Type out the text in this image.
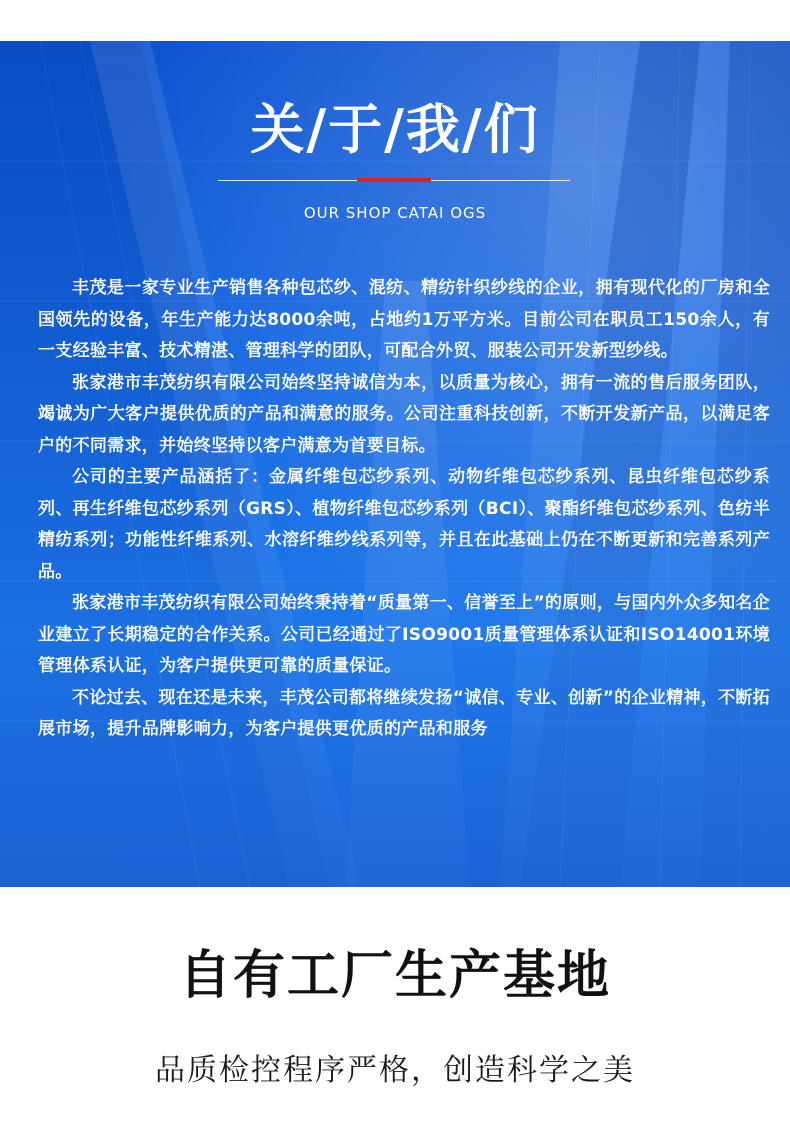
关/于/我/们
OUR SHOP CATAI OGS

丰茂是一家专业生产销售各种包芯纱、混纺、精纺针织纱线的企业，拥有现代化的厂房和全国领先的设备，年生产能力达8000余吨，占地约1万平方米。目前公司在职员工150余人，有一支经验丰富、技术精湛、管理科学的团队，可配合外贸、服装公司开发新型纱线。

张家港市丰茂纺织有限公司始终坚持诚信为本，以质量为核心，拥有一流的售后服务团队，竭诚为广大客户提供优质的产品和满意的服务。公司注重科技创新，不断开发新产品，以满足客户的不同需求，并始终坚持以客户满意为首要目标。

公司的主要产品涵括了：金属纤维包芯纱系列、动物纤维包芯纱系列、昆虫纤维包芯纱系列、再生纤维包芯纱系列（GRS）、植物纤维包芯纱系列（BCI）、聚酯纤维包芯纱系列、色纺半精纺系列；功能性纤维系列、水溶纤维纱线系列等，并且在此基础上仍在不断更新和完善系列产品。

张家港市丰茂纺织有限公司始终秉持着“质量第一、信誉至上”的原则，与国内外众多知名企业建立了长期稳定的合作关系。公司已经通过了ISO9001质量管理体系认证和ISO14001环境管理体系认证，为客户提供更可靠的质量保证。

不论过去、现在还是未来，丰茂公司都将继续发扬“诚信、专业、创新”的企业精神，不断拓展市场，提升品牌影响力，为客户提供更优质的产品和服务

自有工厂生产基地
品质检控程序严格，创造科学之美
